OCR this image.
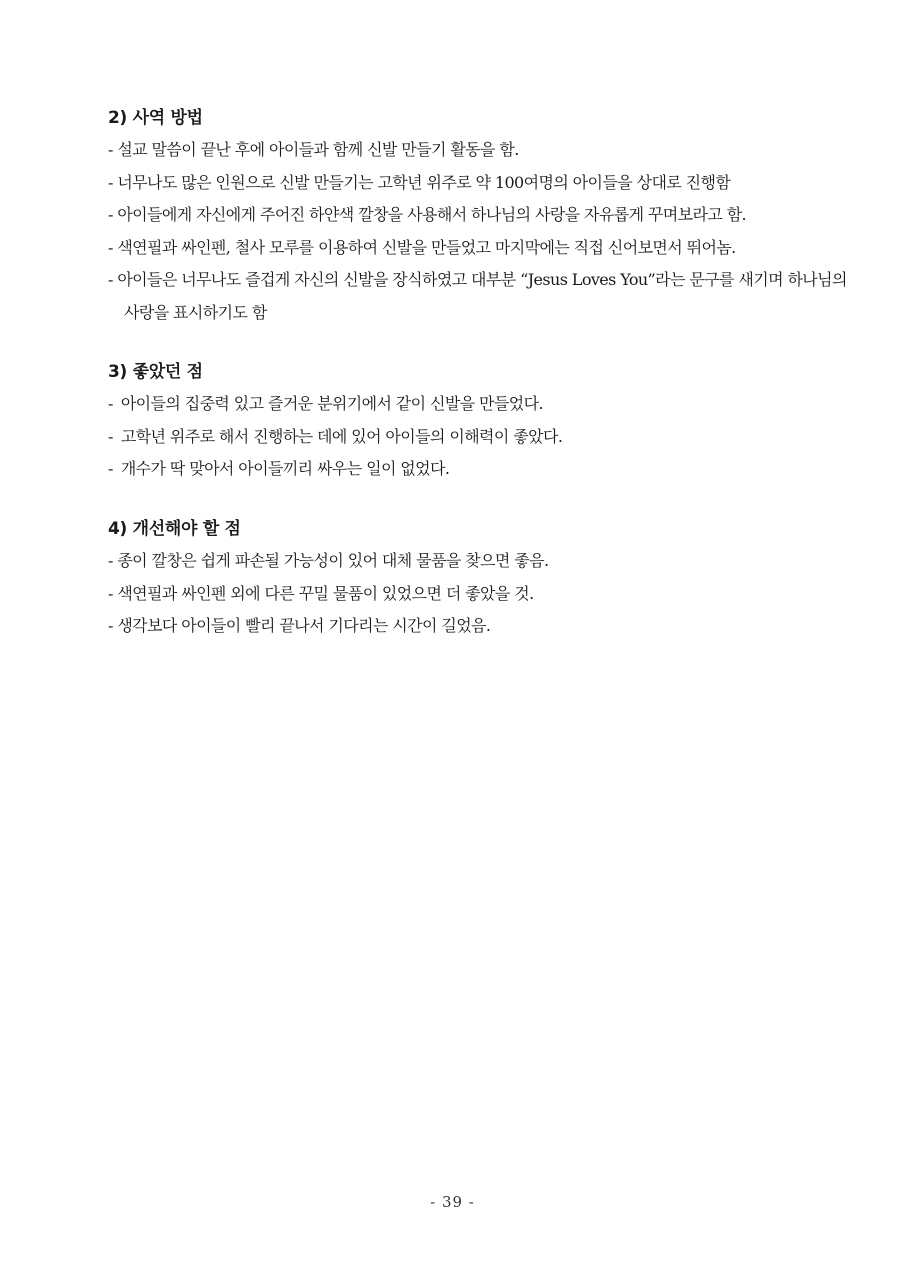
2) 사역 방법
- 설교 말씀이 끝난 후에 아이들과 함께 신발 만들기 활동을 함.
- 너무나도 많은 인원으로 신발 만들기는 고학년 위주로 약 100여명의 아이들을 상대로 진행함
- 아이들에게 자신에게 주어진 하얀색 깔창을 사용해서 하나님의 사랑을 자유롭게 꾸며보라고 함.
- 색연필과 싸인펜, 철사 모루를 이용하여 신발을 만들었고 마지막에는 직접 신어보면서 뛰어놈.
- 아이들은 너무나도 즐겁게 자신의 신발을 장식하였고 대부분 “Jesus Loves You”라는 문구를 새기며 하나님의 사랑을 표시하기도 함
3) 좋았던 점
- 아이들의 집중력 있고 즐거운 분위기에서 같이 신발을 만들었다.
- 고학년 위주로 해서 진행하는 데에 있어 아이들의 이해력이 좋았다.
- 개수가 딱 맞아서 아이들끼리 싸우는 일이 없었다.
4) 개선해야 할 점
- 종이 깔창은 쉽게 파손될 가능성이 있어 대체 물품을 찾으면 좋음.
- 색연필과 싸인펜 외에 다른 꾸밀 물품이 있었으면 더 좋았을 것.
- 생각보다 아이들이 빨리 끝나서 기다리는 시간이 길었음.
- 39 -
